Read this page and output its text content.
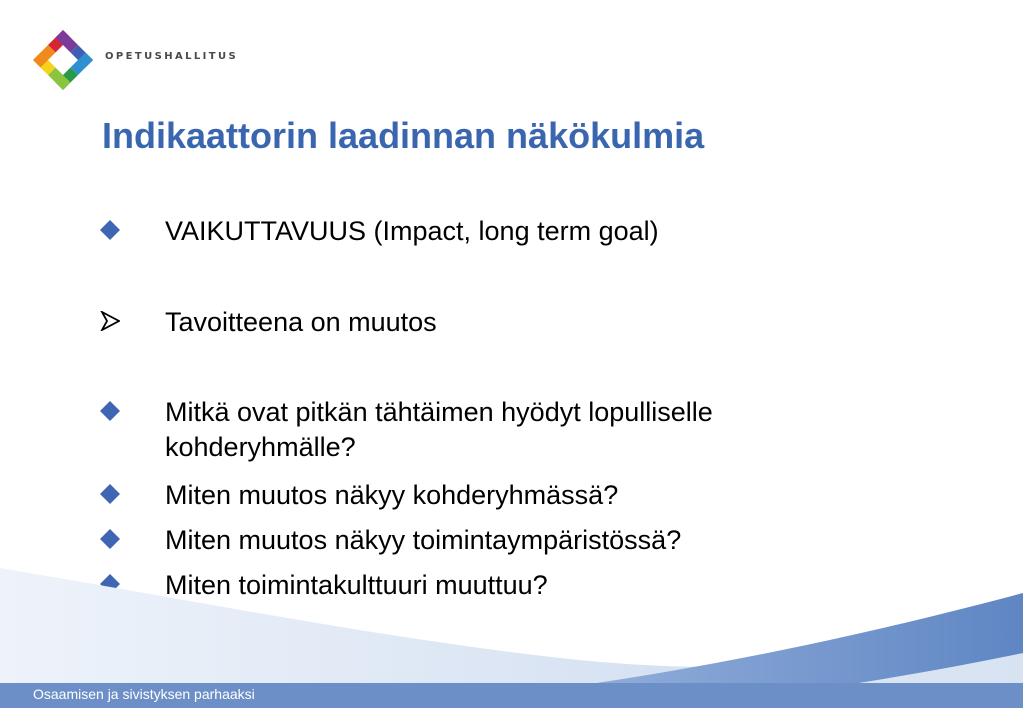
OPETUSHALLITUS
Indikaattorin laadinnan näkökulmia
VAIKUTTAVUUS (Impact, long term goal)
Tavoitteena on muutos
Mitkä ovat pitkän tähtäimen hyödyt lopulliselle kohderyhmälle?
Miten muutos näkyy kohderyhmässä?
Miten muutos näkyy toimintaympäristössä?
Miten toimintakulttuuri muuttuu?
Osaamisen ja sivistyksen parhaaksi
